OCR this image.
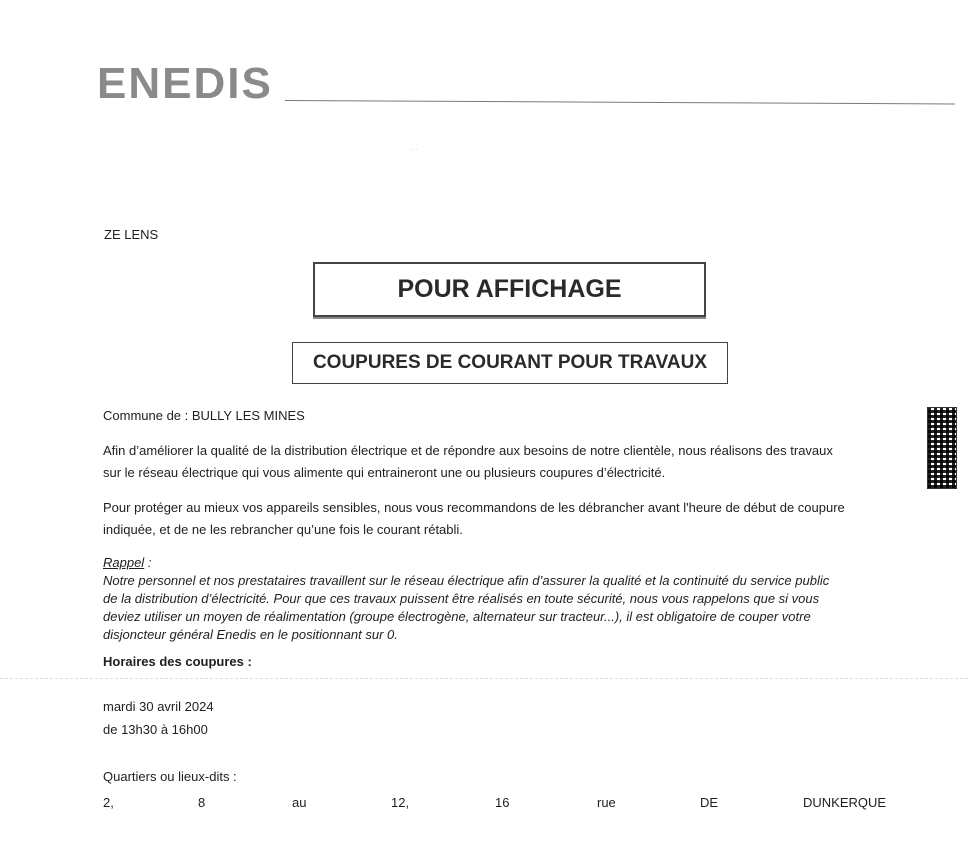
ENEDIS
· ·
ZE LENS
POUR AFFICHAGE
COUPURES DE COURANT POUR TRAVAUX
Commune de : BULLY LES MINES
Afin d’améliorer la qualité de la distribution électrique et de répondre aux besoins de notre clientèle, nous réalisons des travaux
sur le réseau électrique qui vous alimente qui entraineront une ou plusieurs coupures d’électricité.
Pour protéger au mieux vos appareils sensibles, nous vous recommandons de les débrancher avant l'heure de début de coupure
indiquée, et de ne les rebrancher qu’une fois le courant rétabli.
Rappel :
Notre personnel et nos prestataires travaillent sur le réseau électrique afin d’assurer la qualité et la continuité du service public
de la distribution d’électricité. Pour que ces travaux puissent être réalisés en toute sécurité, nous vous rappelons que si vous
deviez utiliser un moyen de réalimentation (groupe électrogène, alternateur sur tracteur...), il est obligatoire de couper votre
disjoncteur général Enedis en le positionnant sur 0.
Horaires des coupures :
mardi 30 avril 2024
de 13h30 à 16h00
Quartiers ou lieux-dits :
2,	8	au	12,	16	rue	DE	DUNKERQUE
